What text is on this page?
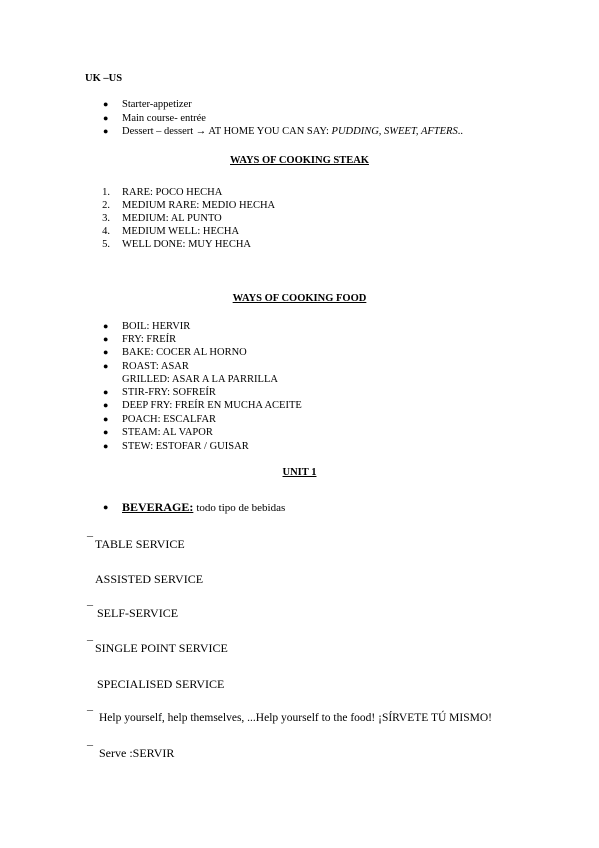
UK –US
● Starter-appetizer
● Main course- entrée
● Dessert – dessert → AT HOME YOU CAN SAY: PUDDING, SWEET, AFTERS..
WAYS OF COOKING STEAK
1. RARE: POCO HECHA
2. MEDIUM RARE: MEDIO HECHA
3. MEDIUM: AL PUNTO
4. MEDIUM WELL: HECHA
5. WELL DONE: MUY HECHA
WAYS OF COOKING FOOD
● BOIL: HERVIR
● FRY: FREÍR
● BAKE: COCER AL HORNO
● ROAST: ASAR
GRILLED: ASAR A LA PARRILLA
● STIR-FRY: SOFREÍR
● DEEP FRY: FREÍR EN MUCHA ACEITE
● POACH: ESCALFAR
● STEAM: AL VAPOR
● STEW: ESTOFAR / GUISAR
UNIT 1
● BEVERAGE: todo tipo de bebidas
¯ TABLE SERVICE
ASSISTED SERVICE
¯ SELF-SERVICE
¯ SINGLE POINT SERVICE
SPECIALISED SERVICE
¯ Help yourself, help themselves, ...Help yourself to the food! ¡SÍRVETE TÚ MISMO!
¯ Serve :SERVIR
